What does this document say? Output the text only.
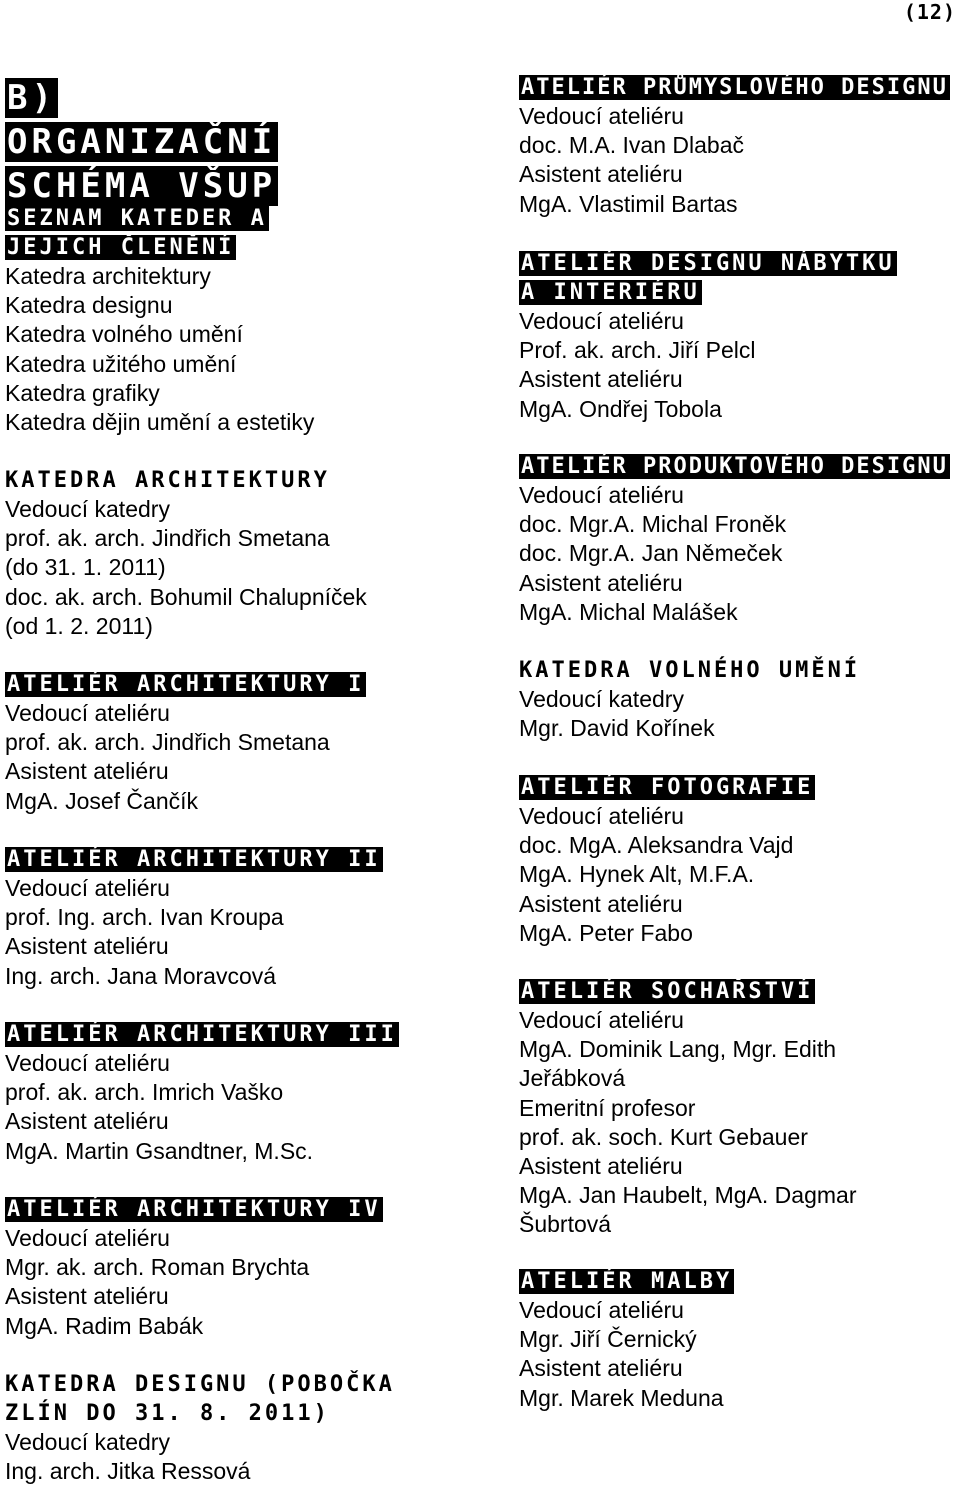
(12)
B) ORGANIZAČNÍ SCHÉMA VŠUP
SEZNAM KATEDER A JEJICH ČLENĚNÍ
Katedra architektury
Katedra designu
Katedra volného umění
Katedra užitého umění
Katedra grafiky
Katedra dějin umění a estetiky
KATEDRA ARCHITEKTURY
Vedoucí katedry
prof. ak. arch. Jindřich Smetana
(do 31. 1. 2011)
doc. ak. arch. Bohumil Chalupníček
(od 1. 2. 2011)
ATELIÉR ARCHITEKTURY I
Vedoucí ateliéru
prof. ak. arch. Jindřich Smetana
Asistent ateliéru
MgA. Josef Čančík
ATELIÉR ARCHITEKTURY II
Vedoucí ateliéru
prof. Ing. arch. Ivan Kroupa
Asistent ateliéru
Ing. arch. Jana Moravcová
ATELIÉR ARCHITEKTURY III
Vedoucí ateliéru
prof. ak. arch. Imrich Vaško
Asistent ateliéru
MgA. Martin Gsandtner, M.Sc.
ATELIÉR ARCHITEKTURY IV
Vedoucí ateliéru
Mgr. ak. arch. Roman Brychta
Asistent ateliéru
MgA. Radim Babák
KATEDRA DESIGNU (POBOČKA ZLÍN DO 31. 8. 2011)
Vedoucí katedry
Ing. arch. Jitka Ressová
ATELIÉR PRŮMYSLOVÉHO DESIGNU
Vedoucí ateliéru
doc. M.A. Ivan Dlabač
Asistent ateliéru
MgA. Vlastimil Bartas
ATELIÉR DESIGNU NÁBYTKU A INTERIÉRU
Vedoucí ateliéru
Prof. ak. arch. Jiří Pelcl
Asistent ateliéru
MgA. Ondřej Tobola
ATELIÉR PRODUKTOVÉHO DESIGNU
Vedoucí ateliéru
doc. Mgr.A. Michal Froněk
doc. Mgr.A. Jan Němeček
Asistent ateliéru
MgA. Michal Malášek
KATEDRA VOLNÉHO UMĚNÍ
Vedoucí katedry
Mgr. David Kořínek
ATELIÉR FOTOGRAFIE
Vedoucí ateliéru
doc. MgA. Aleksandra Vajd
MgA. Hynek Alt, M.F.A.
Asistent ateliéru
MgA. Peter Fabo
ATELIÉR SOCHAŘSTVÍ
Vedoucí ateliéru
MgA. Dominik Lang, Mgr. Edith
Jeřábková
Emeritní profesor
prof. ak. soch. Kurt Gebauer
Asistent ateliéru
MgA. Jan Haubelt, MgA. Dagmar
Šubrtová
ATELIÉR MALBY
Vedoucí ateliéru
Mgr. Jiří Černický
Asistent ateliéru
Mgr. Marek Meduna
